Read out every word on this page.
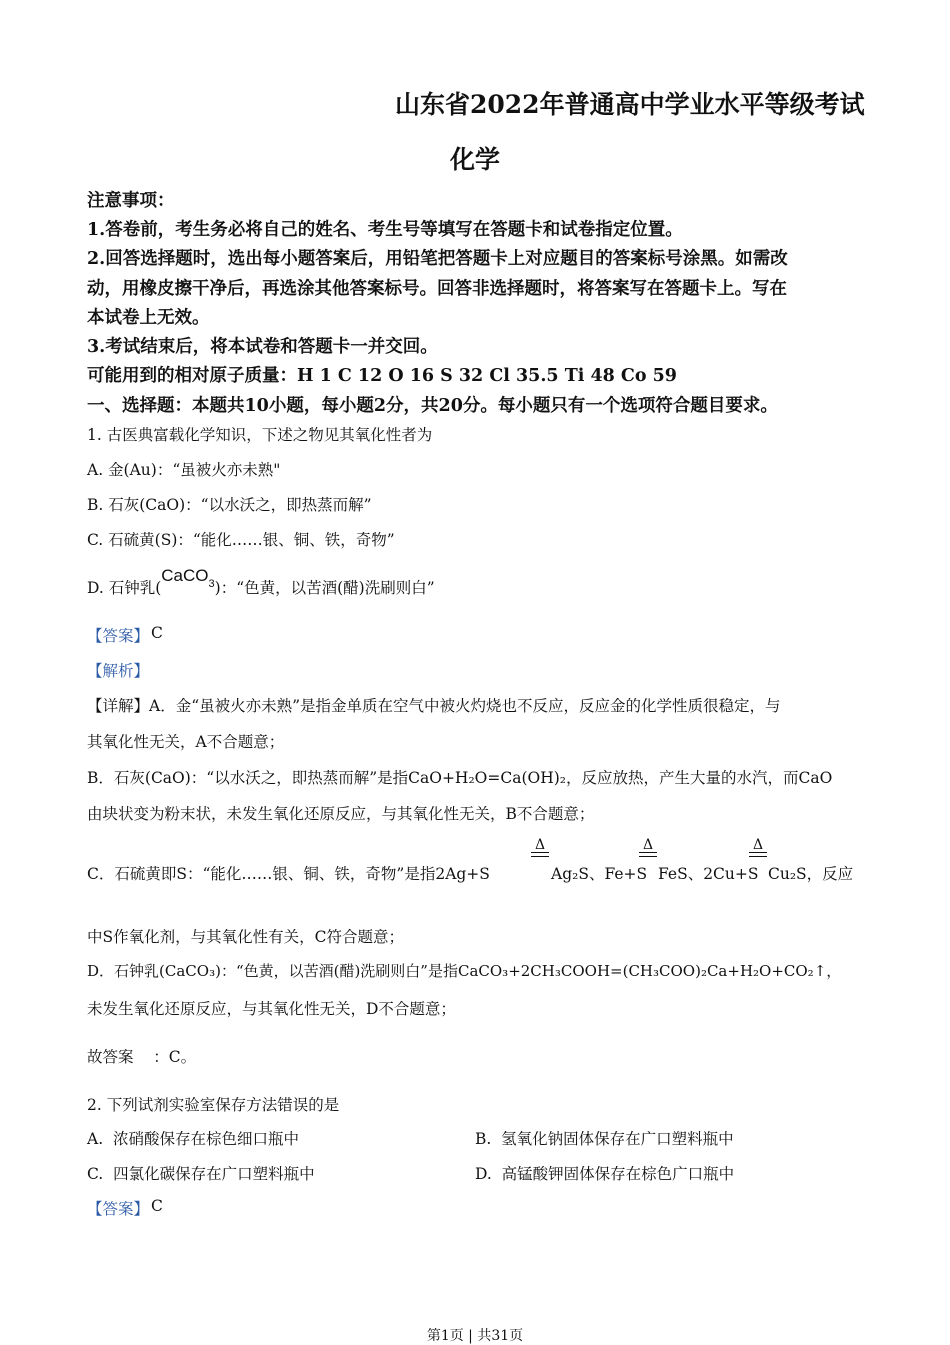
山东省2022年普通高中学业水平等级考试
化学
注意事项：
1.答卷前，考生务必将自己的姓名、考生号等填写在答题卡和试卷指定位置。
2.回答选择题时，选出每小题答案后，用铅笔把答题卡上对应题目的答案标号涂黑。如需改
动，用橡皮擦干净后，再选涂其他答案标号。回答非选择题时，将答案写在答题卡上。写在
本试卷上无效。
3.考试结束后，将本试卷和答题卡一并交回。
可能用到的相对原子质量：H 1 C 12 O 16 S 32 Cl 35.5 Ti 48 Co 59
一、选择题：本题共10小题，每小题2分，共20分。每小题只有一个选项符合题目要求。
1. 古医典富载化学知识，下述之物见其氧化性者为
A. 金(Au)：“虽被火亦未熟"
B. 石灰(CaO)：“以水沃之，即热蒸而解”
C. 石硫黄(S)：“能化……银、铜、铁，奇物”
D. 石钟乳(CaCO$^3$)：“色黄，以苦酒(醋)洗刷则白”
【答案】 C
【解析】
【详解】A．金“虽被火亦未熟”是指金单质在空气中被火灼烧也不反应，反应金的化学性质很稳定，与
其氧化性无关，A不合题意；
B．石灰(CaO)：“以水沃之，即热蒸而解”是指CaO+H₂O=Ca(OH)₂，反应放热，产生大量的水汽，而CaO
由块状变为粉末状，未发生氧化还原反应，与其氧化性无关，B不合题意；
C．石硫黄即S：“能化……银、铜、铁，奇物”是指2Ag+S
Δ
Ag₂S、Fe+S
Δ
FeS、2Cu+S
Δ
Cu₂S，反应
中S作氧化剂，与其氧化性有关，C符合题意；
D．石钟乳(CaCO₃)：“色黄，以苦酒(醋)洗刷则白”是指CaCO₃+2CH₃COOH=(CH₃COO)₂Ca+H₂O+CO₂↑，
未发生氧化还原反应，与其氧化性无关，D不合题意；
故答案    ：C。
2. 下列试剂实验室保存方法错误的是
A.  浓硝酸保存在棕色细口瓶中	B.  氢氧化钠固体保存在广口塑料瓶中
C.  四氯化碳保存在广口塑料瓶中	D.  高锰酸钾固体保存在棕色广口瓶中
【答案】 C
第1页 | 共31页
